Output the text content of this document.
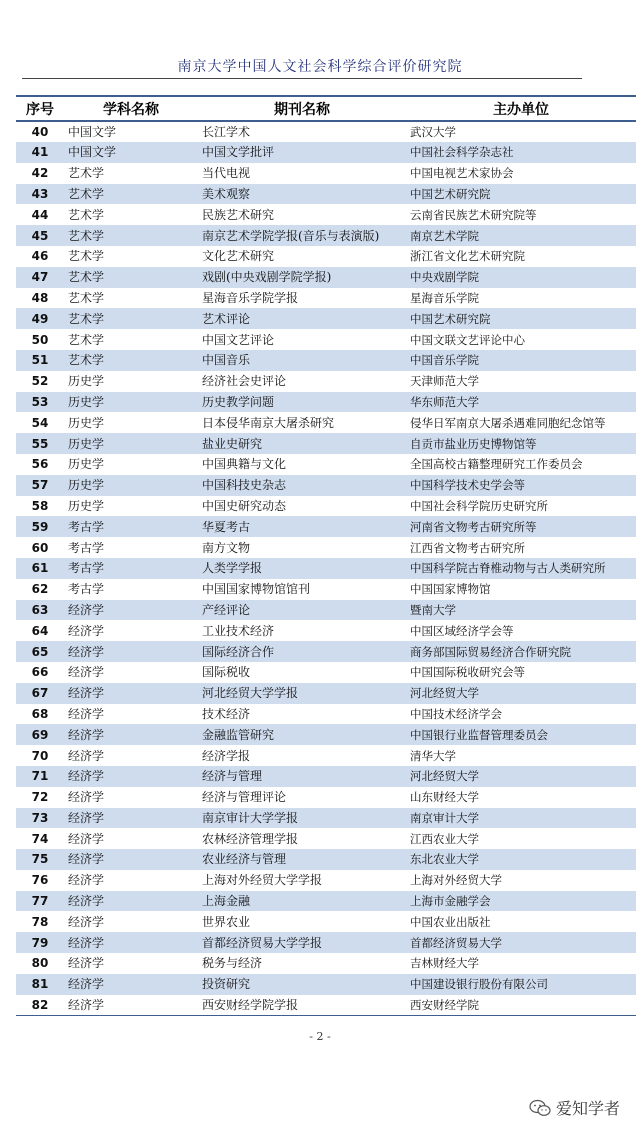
南京大学中国人文社会科学综合评价研究院
序号	学科名称	期刊名称	主办单位
40	中国文学	长江学术	武汉大学
41	中国文学	中国文学批评	中国社会科学杂志社
42	艺术学	当代电视	中国电视艺术家协会
43	艺术学	美术观察	中国艺术研究院
44	艺术学	民族艺术研究	云南省民族艺术研究院等
45	艺术学	南京艺术学院学报(音乐与表演版)	南京艺术学院
46	艺术学	文化艺术研究	浙江省文化艺术研究院
47	艺术学	戏剧(中央戏剧学院学报)	中央戏剧学院
48	艺术学	星海音乐学院学报	星海音乐学院
49	艺术学	艺术评论	中国艺术研究院
50	艺术学	中国文艺评论	中国文联文艺评论中心
51	艺术学	中国音乐	中国音乐学院
52	历史学	经济社会史评论	天津师范大学
53	历史学	历史教学问题	华东师范大学
54	历史学	日本侵华南京大屠杀研究	侵华日军南京大屠杀遇难同胞纪念馆等
55	历史学	盐业史研究	自贡市盐业历史博物馆等
56	历史学	中国典籍与文化	全国高校古籍整理研究工作委员会
57	历史学	中国科技史杂志	中国科学技术史学会等
58	历史学	中国史研究动态	中国社会科学院历史研究所
59	考古学	华夏考古	河南省文物考古研究所等
60	考古学	南方文物	江西省文物考古研究所
61	考古学	人类学学报	中国科学院古脊椎动物与古人类研究所
62	考古学	中国国家博物馆馆刊	中国国家博物馆
63	经济学	产经评论	暨南大学
64	经济学	工业技术经济	中国区域经济学会等
65	经济学	国际经济合作	商务部国际贸易经济合作研究院
66	经济学	国际税收	中国国际税收研究会等
67	经济学	河北经贸大学学报	河北经贸大学
68	经济学	技术经济	中国技术经济学会
69	经济学	金融监管研究	中国银行业监督管理委员会
70	经济学	经济学报	清华大学
71	经济学	经济与管理	河北经贸大学
72	经济学	经济与管理评论	山东财经大学
73	经济学	南京审计大学学报	南京审计大学
74	经济学	农林经济管理学报	江西农业大学
75	经济学	农业经济与管理	东北农业大学
76	经济学	上海对外经贸大学学报	上海对外经贸大学
77	经济学	上海金融	上海市金融学会
78	经济学	世界农业	中国农业出版社
79	经济学	首都经济贸易大学学报	首都经济贸易大学
80	经济学	税务与经济	吉林财经大学
81	经济学	投资研究	中国建设银行股份有限公司
82	经济学	西安财经学院学报	西安财经学院
- 2 -
爱知学者
